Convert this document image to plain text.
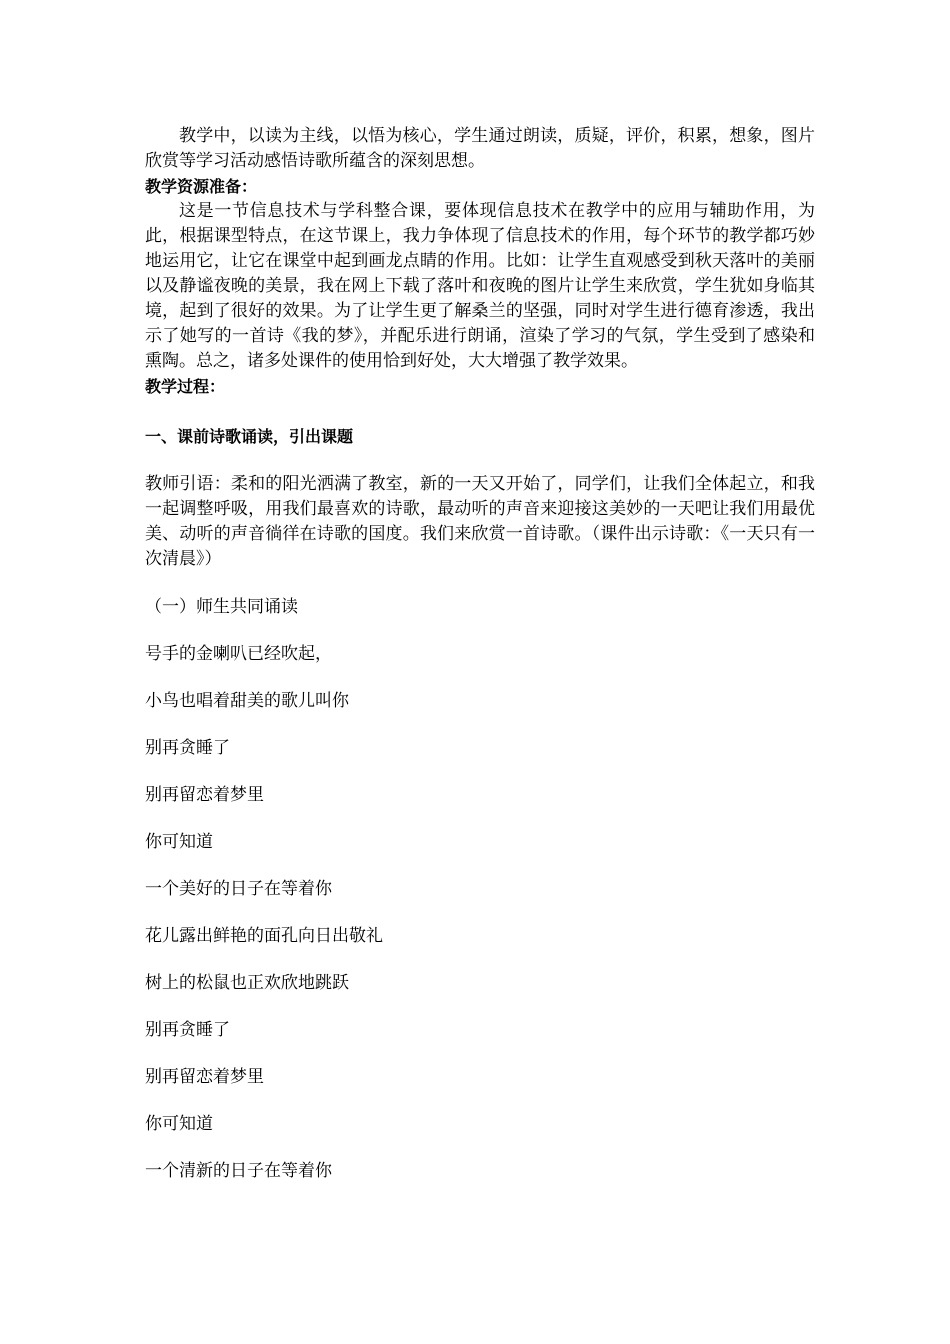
教学中，以读为主线，以悟为核心，学生通过朗读，质疑，评价，积累，想象，图片欣赏等学习活动感悟诗歌所蕴含的深刻思想。

教学资源准备：

这是一节信息技术与学科整合课，要体现信息技术在教学中的应用与辅助作用，为此，根据课型特点，在这节课上，我力争体现了信息技术的作用，每个环节的教学都巧妙地运用它，让它在课堂中起到画龙点睛的作用。比如：让学生直观感受到秋天落叶的美丽以及静谧夜晚的美景，我在网上下载了落叶和夜晚的图片让学生来欣赏，学生犹如身临其境，起到了很好的效果。为了让学生更了解桑兰的坚强，同时对学生进行德育渗透，我出示了她写的一首诗《我的梦》，并配乐进行朗诵，渲染了学习的气氛，学生受到了感染和熏陶。总之，诸多处课件的使用恰到好处，大大增强了教学效果。

教学过程：

一、课前诗歌诵读，引出课题

教师引语：柔和的阳光洒满了教室，新的一天又开始了，同学们，让我们全体起立，和我一起调整呼吸，用我们最喜欢的诗歌，最动听的声音来迎接这美妙的一天吧让我们用最优美、动听的声音徜徉在诗歌的国度。我们来欣赏一首诗歌。（课件出示诗歌：《一天只有一次清晨》）

（一）师生共同诵读

号手的金喇叭已经吹起，

小鸟也唱着甜美的歌儿叫你

别再贪睡了

别再留恋着梦里

你可知道

一个美好的日子在等着你

花儿露出鲜艳的面孔向日出敬礼

树上的松鼠也正欢欣地跳跃

别再贪睡了

别再留恋着梦里

你可知道

一个清新的日子在等着你
